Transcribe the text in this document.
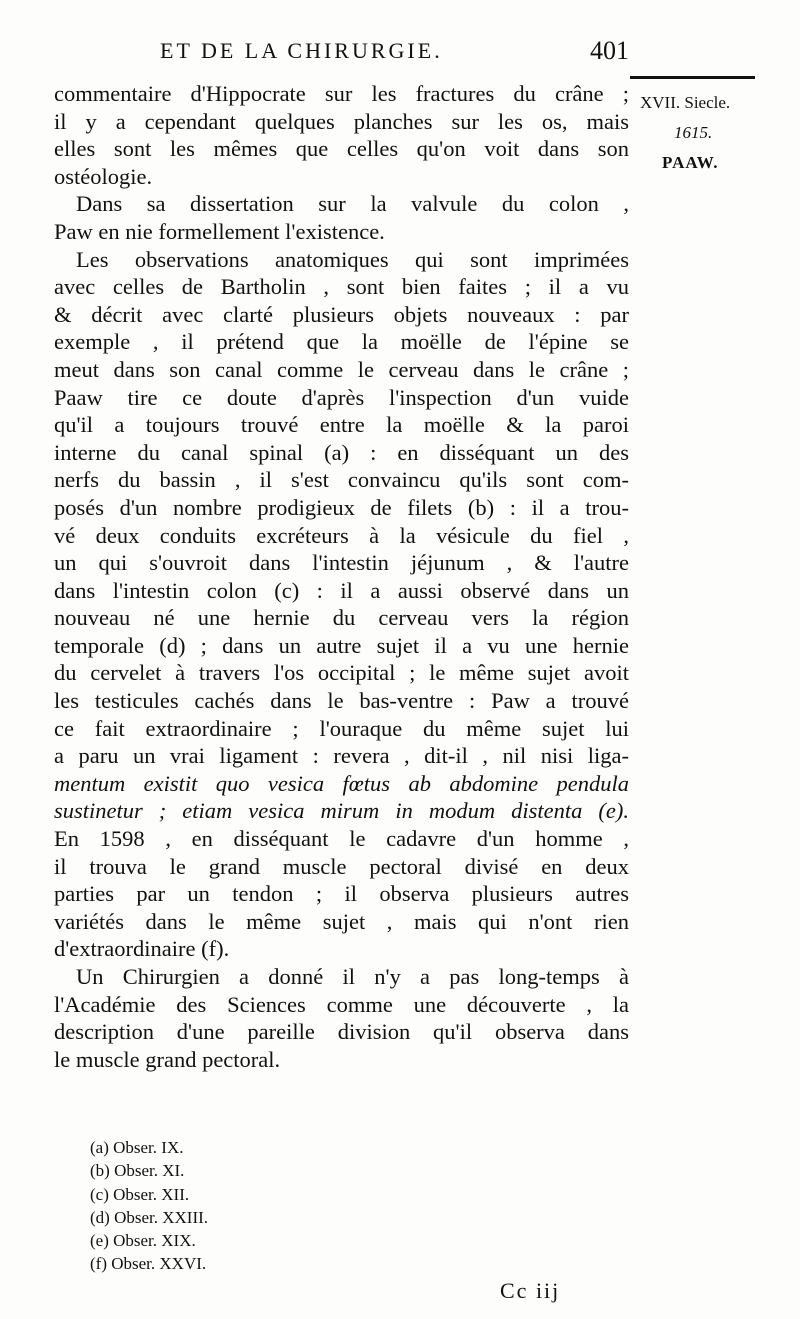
ET DE LA CHIRURGIE.	401
XVII. Siecle.
1615.
PAAW.
commentaire d'Hippocrate sur les fractures du crâne ;
il y a cependant quelques planches sur les os, mais
elles sont les mêmes que celles qu'on voit dans son
ostéologie.
Dans sa dissertation sur la valvule du colon ,
Paw en nie formellement l'existence.
Les observations anatomiques qui sont imprimées
avec celles de Bartholin , sont bien faites ; il a vu
& décrit avec clarté plusieurs objets nouveaux : par
exemple , il prétend que la moëlle de l'épine se
meut dans son canal comme le cerveau dans le crâne ;
Paaw tire ce doute d'après l'inspection d'un vuide
qu'il a toujours trouvé entre la moëlle & la paroi
interne du canal spinal (a) : en disséquant un des
nerfs du bassin , il s'est convaincu qu'ils sont com-
posés d'un nombre prodigieux de filets (b) : il a trou-
vé deux conduits excréteurs à la vésicule du fiel ,
un qui s'ouvroit dans l'intestin jéjunum , & l'autre
dans l'intestin colon (c) : il a aussi observé dans un
nouveau né une hernie du cerveau vers la région
temporale (d) ; dans un autre sujet il a vu une hernie
du cervelet à travers l'os occipital ; le même sujet avoit
les testicules cachés dans le bas-ventre : Paw a trouvé
ce fait extraordinaire ; l'ouraque du même sujet lui
a paru un vrai ligament : revera , dit-il , nil nisi liga-
mentum existit quo vesica fœtus ab abdomine pendula
sustinetur ; etiam vesica mirum in modum distenta (e).
En 1598 , en disséquant le cadavre d'un homme ,
il trouva le grand muscle pectoral divisé en deux
parties par un tendon ; il observa plusieurs autres
variétés dans le même sujet , mais qui n'ont rien
d'extraordinaire (f).
Un Chirurgien a donné il n'y a pas long-temps à
l'Académie des Sciences comme une découverte , la
description d'une pareille division qu'il observa dans
le muscle grand pectoral.
(a) Obser. IX.
(b) Obser. XI.
(c) Obser. XII.
(d) Obser. XXIII.
(e) Obser. XIX.
(f) Obser. XXVI.
Cc iij
